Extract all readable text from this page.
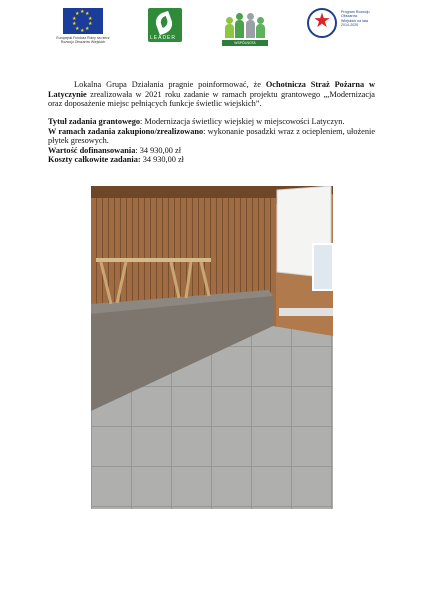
★ ★
★
★
★
★
★
★
★
★
Europejski Fundusz Rolny na rzecz Rozwoju Obszarów Wiejskich
LEADER
WSPÓLNOTA BOLESŁAWIECKA
★
Program Rozwoju Obszarów Wiejskich na lata 2014-2020
Lokalna Grupa Działania pragnie poinformować, że Ochotnicza Straż Pożarna w Latyczynie zrealizowała w 2021 roku zadanie w ramach projektu grantowego „,Modernizacja oraz doposażenie miejsc pełniących funkcje świetlic wiejskich”.

Tytuł zadania grantowego: Modernizacja świetlicy wiejskiej w miejscowości Latyczyn.

W ramach zadania zakupiono/zrealizowano: wykonanie posadzki wraz z ociepleniem, ułożenie płytek gresowych.

Wartość dofinansowania: 34 930,00 zł

Koszty całkowite zadania: 34 930,00 zł
